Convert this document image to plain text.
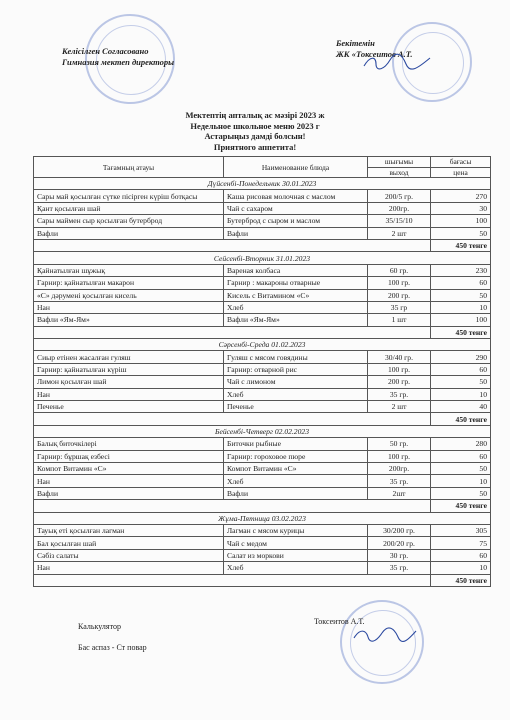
Келісілген Согласовано
Гимназия мектеп директоры
Бекітемін
ЖК «Токсеитов А.Т.
Мектептің апталық ас мәзірі 2023 ж
Недельное школьное меню 2023 г
Астарыңыз дамді болсын!
Приятного аппетита!
Тағамның атауы	Наименование блюда	шығымы	бағасы
		выход	цена
Дүйсенбі-Понедельник 30.01.2023			
Сары май қосылған сүтке пісірген күріш ботқасы	Каша рисовая молочная с маслом	200/5 гр.	270
Қант қосылған шай	Чай с сахаром	200гр.	30
Сары маймен сыр қосылған бутерброд	Бутерброд с сыром и маслом	35/15/10	100
Вафли	Вафли	2 шт	50
			450 тенге
Сейсенбі-Вторник 31.01.2023			
Қайнатылған шұжық	Вареная колбаса	60 гр.	230
Гарнир: қайнатылған макарон	Гарнир : макароны отварные	100 гр.	60
«С» дәрумені қосылған кисель	Кисель с Витамином «С»	200 гр.	50
Нан	Хлеб	35 гр	10
Вафли «Ям-Ям»	Вафли «Ям-Ям»	1 шт	100
			450 тенге
Сәрсенбі-Среда 01.02.2023			
Сиыр етінен жасалған гуляш	Гуляш с мясом говядины	30/40 гр.	290
Гарнир: қайнатылған күріш	Гарнир: отварной рис	100 гр.	60
Лимон қосылған шай	Чай с лимоном	200 гр.	50
Нан	Хлеб	35 гр.	10
Печенье	Печенье	2 шт	40
			450 тенге
Бейсенбі-Четверг 02.02.2023			
Балық биточкілері	Биточки рыбные	50 гр.	280
Гарнир: бұршақ езбесі	Гарнир: гороховое пюре	100 гр.	60
Компот Витамин «С»	Компот Витамин «С»	200гр.	50
Нан	Хлеб	35 гр.	10
Вафли	Вафли	2шт	50
			450 тенге
Жұма-Пятница 03.02.2023			
Тауық еті қосылған лагман	Лагман с мясом курицы	30/200 гр.	305
Бал қосылған шай	Чай с медом	200/20 гр.	75
Сәбіз салаты	Салат из моркови	30 гр.	60
Нан	Хлеб	35 гр.	10
			450 тенге
Калькулятор
Токсеитов А.Т.
Бас аспаз - Ст повар
